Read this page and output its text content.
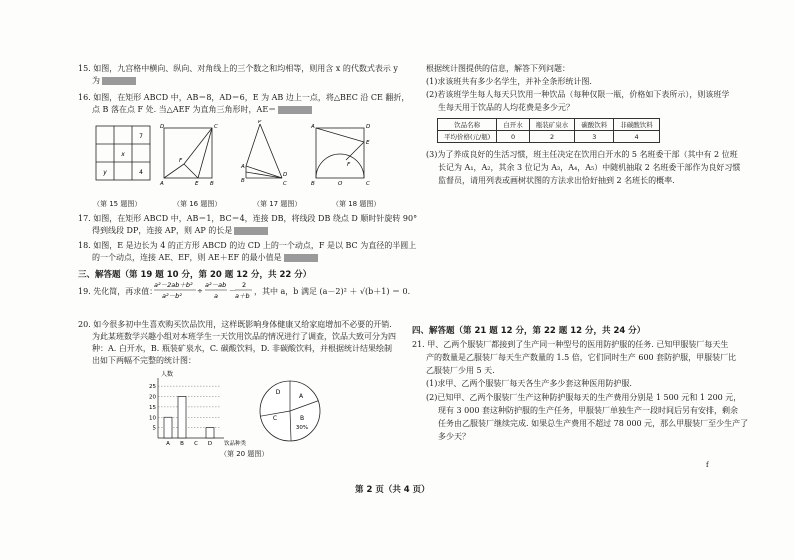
15. 如图，九宫格中横向、纵向、对角线上的三个数之和均相等，则用含 x 的代数式表示 y
为
16. 如图，在矩形 ABCD 中，AB＝8，AD＝6，E 为 AB 边上一点，将△BEC 沿 CE 翻折，
点 B 落在点 F 处. 当△AEF 为直角三角形时，AE＝
7
x
y	4
D	C
F
A	E B
P
A
D
B	C
A	D
E
B	O
F
C
（第 15 题图）	（第 16 题图）	（第 17 题图）	（第 18 题图）
17. 如图，在矩形 ABCD 中，AB＝1，BC＝4，连接 DB，将线段 DB 绕点 D 顺时针旋转 90°
得到线段 DP，连接 AP，则 AP 的长是
18. 如图，E 是边长为 4 的正方形 ABCD 的边 CD 上的一个动点，F 是以 BC 为直径的半圆上
的一个动点，连接 AE、EF，则 AE＋EF 的最小值是
三、解答题（第 19 题 10 分，第 20 题 12 分，共 22 分）
19. 先化简，再求值：
a²－2ab＋b²
a²－b²
÷
a²－ab
a
－
2
a＋b ，其中 a，b 满足 (a－2)² ＋ √(b＋1) ＝ 0.
20. 如今很多初中生喜欢购买饮品饮用，这样既影响身体健康又给家庭增加不必要的开销.
为此某班数学兴趣小组对本班学生一天饮用饮品的情况进行了调查，饮品大致可分为四
种：A. 白开水，B. 瓶装矿泉水，C. 碳酸饮料，D. 非碳酸饮料，并根据统计结果绘制
出如下两幅不完整的统计图：
5
10
15
20
25
A B C D
人数
饮品种类
A
B
C
D
30%
（第 20 题图）
根据统计图提供的信息，解答下列问题：
(1)求该班共有多少名学生，并补全条形统计图.
(2)若该班学生每人每天只饮用一种饮品（每种仅限一瓶，价格如下表所示），则该班学
生每天用于饮品的人均花费是多少元？
饮品名称	白开水	瓶装矿泉水	碳酸饮料	非碳酸饮料
平均价格(元/瓶)	0	2	3	4
(3)为了养成良好的生活习惯，班主任决定在饮用白开水的 5 名班委干部（其中有 2 位班
长记为 A₁，A₂，其余 3 位记为 A₃，A₄，A₅）中随机抽取 2 名班委干部作为良好习惯
监督员，请用列表或画树状图的方法求出恰好抽到 2 名班长的概率.
四、解答题（第 21 题 12 分，第 22 题 12 分，共 24 分）
21. 甲、乙两个服装厂都接到了生产同一种型号的医用防护服的任务. 已知甲服装厂每天生
产的数量是乙服装厂每天生产数量的 1.5 倍，它们同时生产 600 套防护服，甲服装厂比
乙服装厂少用 5 天.
(1)求甲、乙两个服装厂每天各生产多少套这种医用防护服.
(2)已知甲、乙两个服装厂生产这种防护服每天的生产费用分别是 1 500 元和 1 200 元，
现有 3 000 套这种防护服的生产任务，甲服装厂单独生产一段时间后另有安排，剩余
任务由乙服装厂继续完成. 如果总生产费用不超过 78 000 元，那么甲服装厂至少生产了
多少天？
第 2 页（共 4 页）
f
